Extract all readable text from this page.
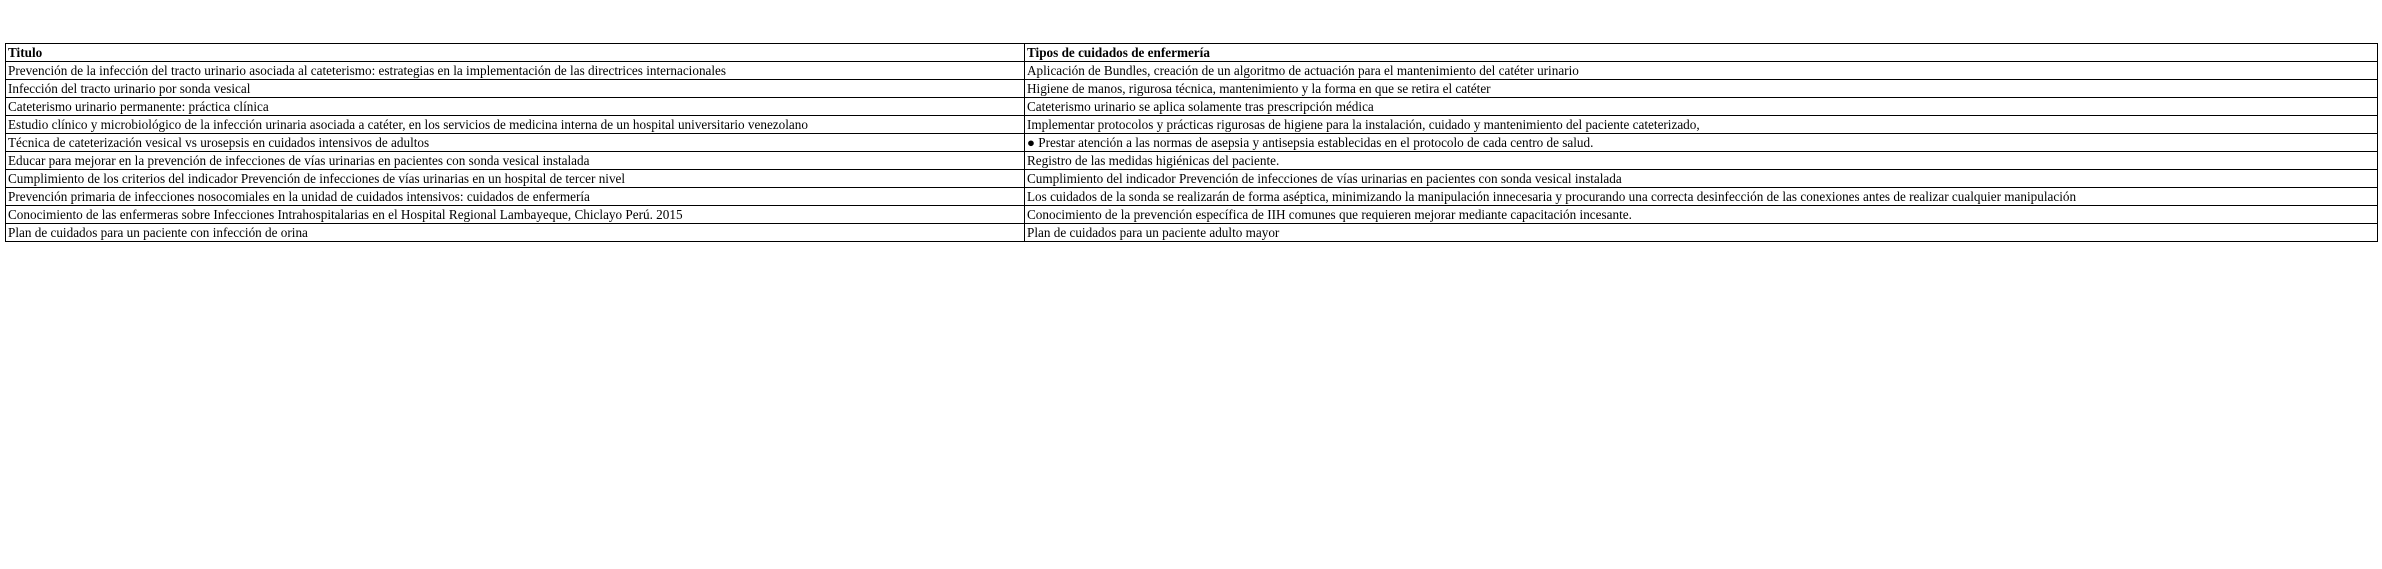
Titulo	Tipos de cuidados de enfermería
Prevención de la infección del tracto urinario asociada al cateterismo: estrategias en la implementación de las directrices internacionales	Aplicación de Bundles, creación de un algoritmo de actuación para el mantenimiento del catéter urinario
Infección del tracto urinario por sonda vesical	Higiene de manos, rigurosa técnica, mantenimiento y la forma en que se retira el catéter
Cateterismo urinario permanente: práctica clínica	Cateterismo urinario se aplica solamente tras prescripción médica
Estudio clínico y microbiológico de la infección urinaria asociada a catéter, en los servicios de medicina interna de un hospital universitario venezolano	Implementar protocolos y prácticas rigurosas de higiene para la instalación, cuidado y mantenimiento del paciente cateterizado,
Técnica de cateterización vesical vs urosepsis en cuidados intensivos de adultos	● Prestar atención a las normas de asepsia y antisepsia establecidas en el protocolo de cada centro de salud.
Educar para mejorar en la prevención de infecciones de vías urinarias en pacientes con sonda vesical instalada	Registro de las medidas higiénicas del paciente.
Cumplimiento de los criterios del indicador Prevención de infecciones de vías urinarias en un hospital de tercer nivel	Cumplimiento del indicador Prevención de infecciones de vías urinarias en pacientes con sonda vesical instalada
Prevención primaria de infecciones nosocomiales en la unidad de cuidados intensivos: cuidados de enfermería	Los cuidados de la sonda se realizarán de forma aséptica, minimizando la manipulación innecesaria y procurando una correcta desinfección de las conexiones antes de realizar cualquier manipulación
Conocimiento de las enfermeras sobre Infecciones Intrahospitalarias en el Hospital Regional Lambayeque, Chiclayo Perú. 2015	Conocimiento de la prevención específica de IIH comunes que requieren mejorar mediante capacitación incesante.
Plan de cuidados para un paciente con infección de orina	Plan de cuidados para un paciente adulto mayor
